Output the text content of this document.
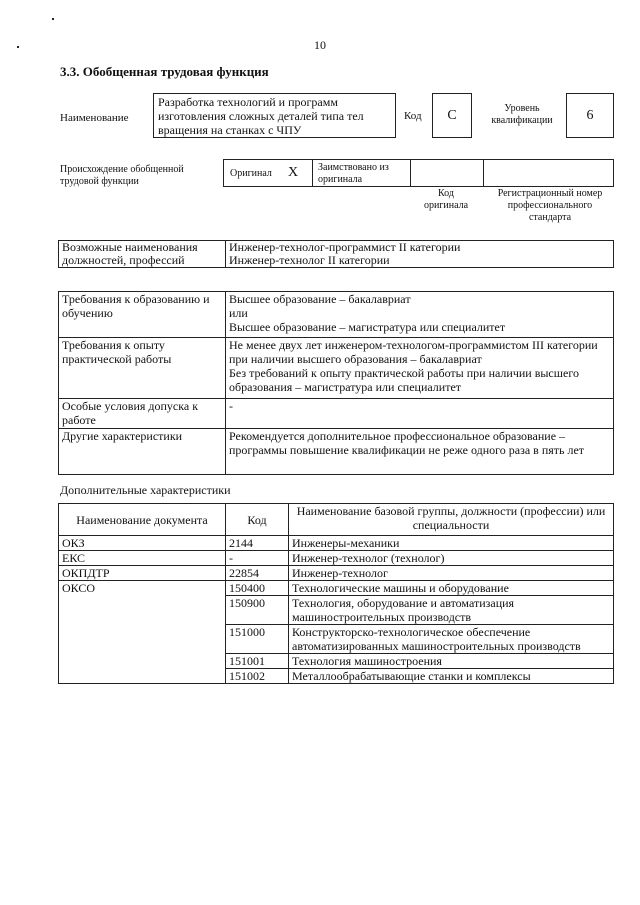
10
3.3. Обобщенная трудовая функция
Наименование
Разработка технологий и программ изготовления сложных деталей типа тел вращения на станках с ЧПУ
Код	C	Уровень квалификации	6
Происхождение обобщенной трудовой функции
Оригинал X Заимствовано из оригинала
Код оригинала
Регистрационный номер профессионального стандарта
Возможные наименования должностей, профессий	Инженер-технолог-программист II категории
Инженер-технолог II категории
Требования к образованию и обучению	Высшее образование – бакалавриат
или
Высшее образование – магистратура или специалитет
Требования к опыту практической работы	Не менее двух лет инженером-технологом-программистом III категории при наличии высшего образования – бакалавриат
Без требований к опыту практической работы при наличии высшего образования – магистратура или специалитет
Особые условия допуска к работе	-
Другие характеристики	Рекомендуется дополнительное профессиональное образование – программы повышение квалификации не реже одного раза в пять лет
Дополнительные характеристики
Наименование документа	Код	Наименование базовой группы, должности (профессии) или специальности
ОКЗ	2144	Инженеры-механики
ЕКС	-	Инженер-технолог (технолог)
ОКПДТР	22854	Инженер-технолог
ОКСО	150400	Технологические машины и оборудование
	150900	Технология, оборудование и автоматизация машиностроительных производств
	151000	Конструкторско-технологическое обеспечение автоматизированных машиностроительных производств
	151001	Технология машиностроения
	151002	Металлообрабатывающие станки и комплексы
